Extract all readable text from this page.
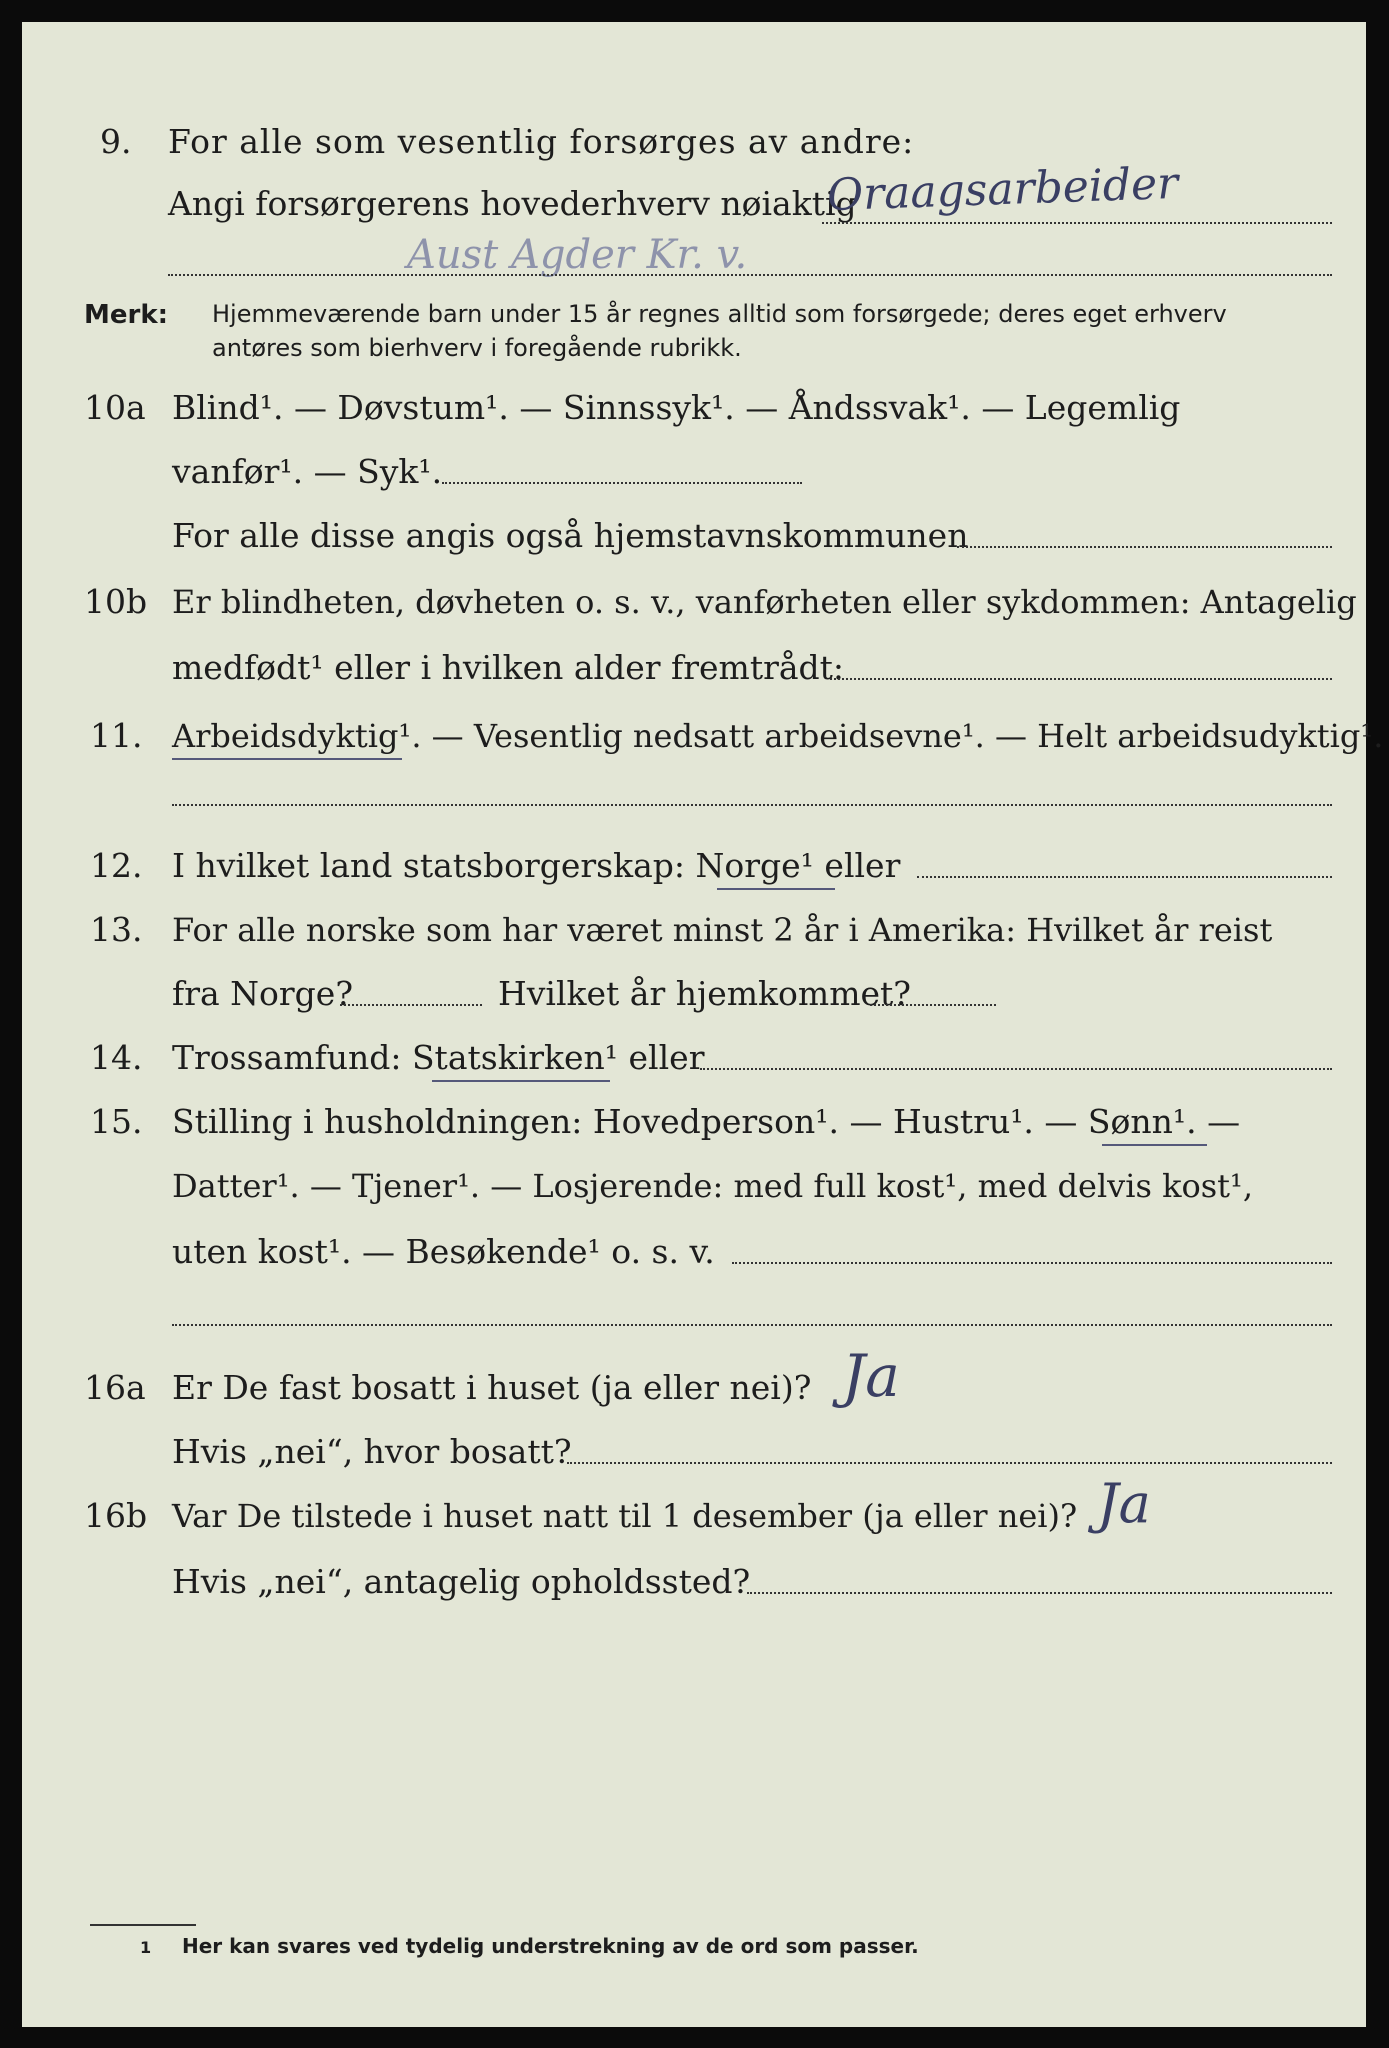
9. For alle som vesentlig forsørges av andre:
Angi forsørgerens hovederhverv nøiaktig
Oraagsarbeider
Aust Agder Kr. v.
Merk: Hjemmeværende barn under 15 år regnes alltid som forsørgede; deres eget erhverv
antøres som bierhverv i foregående rubrikk.
10a Blind¹. — Døvstum¹. — Sinnssyk¹. — Åndssvak¹. — Legemlig
vanfør¹. — Syk¹.
For alle disse angis også hjemstavnskommunen
10b Er blindheten, døvheten o. s. v., vanførheten eller sykdommen: Antagelig
medfødt¹ eller i hvilken alder fremtrådt:
11. Arbeidsdyktig¹. — Vesentlig nedsatt arbeidsevne¹. — Helt arbeidsudyktig¹.
12. I hvilket land statsborgerskap: Norge¹ eller
13. For alle norske som har været minst 2 år i Amerika: Hvilket år reist
fra Norge?	Hvilket år hjemkommet?
14. Trossamfund: Statskirken¹ eller
15. Stilling i husholdningen: Hovedperson¹. — Hustru¹. — Sønn¹. —
Datter¹. — Tjener¹. — Losjerende: med full kost¹, med delvis kost¹,
uten kost¹. — Besøkende¹ o. s. v.
16a Er De fast bosatt i huset (ja eller nei)? Ja
Hvis „nei“, hvor bosatt?
16b Var De tilstede i huset natt til 1 desember (ja eller nei)? Ja
Hvis „nei“, antagelig opholdssted?
1 Her kan svares ved tydelig understrekning av de ord som passer.
